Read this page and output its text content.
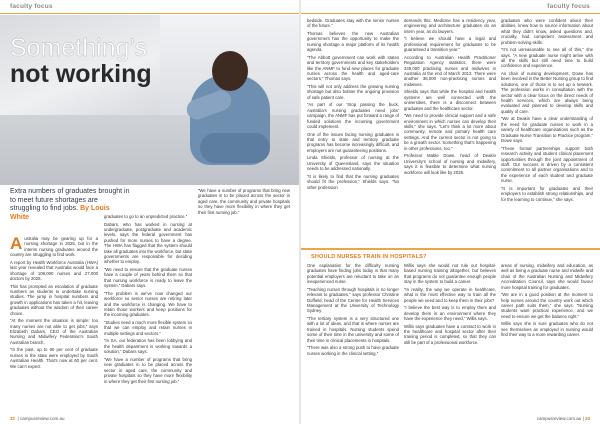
faculty focus
Something’s
not working
Extra numbers of graduates brought in to meet future shortages are struggling to find jobs. By Louis White
A ustralia may be gearing up for a nursing shortage in 2025, but in the interim nursing graduates around the country are struggling to find work.

A report by Health Workforce Australia (HWA) last year revealed that Australia would face a shortage of 109,000 nurses and 27,000 doctors by 2025.

This has prompted an escalation of graduate numbers as students to undertake nursing studies. The jump in hospital numbers and growth in applications has taken a hit, leaving graduates without the wisdom of their career choice.

“At the moment the situation is simple: too many nurses are not able to get jobs,” says Elizabeth Dabars, CEO of the Australian Nursing and Midwifery Federation’s South Australian branch.

“In the past, up to 90 per cent of graduate nurses in the state were employed by South Australian Health. That’s now at 60 per cent. We can’t expect

graduates to go to an unpredicted practice.”

Dabars, who has worked in nursing at undergraduate, postgraduate and academic levels, says the federal government has pushed for more nurses to have a degree. The HWA has flagged that the system should take all graduates into the workforce, but state governments are responsible for deciding whether to employ.

“We need to ensure that the graduate nurses have a couple of years behind them so that that nursing workforce is ready to leave the system,” Dabars says.

“The problem is we’ve now changed our workforce so senior nurses are retiring later and the workforce is changing. We have to retain those workers and keep positions for the incoming graduates.

“Studies need a much more flexible system so that we can employ and retain nurses in multiple settings and sectors.”

“In SA, our federation has been lobbying and the health department is working towards a solution,” Dabars says.

“We have a number of programs that bring new graduates in to be placed across the sector in aged care, the community and private hospitals so they have more flexibility in where they get their first nursing job.”

“We have a number of programs that bring new graduates in to be placed across the sector in aged care, the community and private hospitals so they have more flexibility in where they get their first nursing job.”

32  | campusreview.com.au
faculty focus

bedside. Graduates stay with the senior nurses of the future.”

Thomas believes the new Australian government has the opportunity to make the nursing shortage a major platform of its health agenda.

“The Abbott government can work with states and territory governments and key stakeholders like the ANMF to fund new places for graduate nurses across the health and aged-care sectors,” Thomas says.

“This will not only address the growing nursing shortage but also bolster the ongoing provision of safe patient care.

“As part of our ‘Stop passing the buck, Australia’s nursing graduates need jobs’ campaign, the ANMF has put forward a range of funded solutions the incoming government could implement.

One of the issues facing nursing graduates is that entry to state and territory graduate programs has become increasingly difficult, and employers are not guaranteeing positions.

Linda Shields, professor of nursing at the University of Queensland, says the situation needs to be addressed nationally.

“It is likely to find that the nursing graduates should fit the profession,” Shields says. “No other profession

demands this. Medicine has a residency year, engineering and architecture graduates do an intern year, as do lawyers.

“I believe we should have a legal and professional requirement for graduates to be guaranteed a transition year.”

According to Australian Health Practitioner Regulation Agency statistics, there were 349,000 practising nurses and midwives in Australia at the end of March 2013. There were another 38,000 non-practising nurses and midwives.

Shields says that while the hospital and health systems are well connected with the universities, there is a disconnect between graduates and the healthcare sector.

“We need to provide clinical support and a safe environment in which nurses can develop their skills,” she says. “Let’s think a lot more about community, remote and primary health care settings. And the current sector is not going to be a growth sector. Something that’s happening in other professions, too.”

Professor Mable Dowe, head of Deakin University’s school of nursing and midwifery, says it is feasible to determine what nursing workforce will look like by 2025.

graduates who were confident about their abilities, knew how to source information about what they didn’t know, asked questions and, crucially, had competent assessment and problem-solving skills.

“It’s not unreasonable to see all of this,” she says. “A new graduate nurse might arrive with all the skills but still need time to build confidence and experience.

As chair of nursing development, Dowe has been involved in the Better Nursing group to find solutions, one of those is to set up a network. The profession works in consultation with the sector with a clear focus on the direct needs of health services, which are always being evaluated and planned to develop skills and quality of care.

“We at Deakin have a clear understanding of the need for graduate nurses to work in a variety of healthcare organisations such as the Graduate Nurse Transition to Practice program,” Dowe says.

“These formal partnerships support both research activity and student clinical placement opportunities through the joint appointment of staff. Our success is driven by a consistent commitment to all partner organisations and to the experience of each student and graduate nurse.

“It is important for graduates and their employers to establish strong relationships, and for the learning to continue,” she says.

SHOULD NURSES TRAIN IN HOSPITALS?

One explanation for the difficulty nursing graduates have finding jobs today is that many potential employers are reluctant to take on an inexperienced nurse.

“Teaching nurses through hospitals is no longer relevant to graduates,” says professor Christine Duffield, head of the Centre for Health Services Management at the University of Technology Sydney.

“The tertiary system is a very structured one with a lot of ideas, and that is where nurses are trained in hospitals. Nursing students spend some of their time in the university and some of their time in clinical placements in hospitals.

“There was also a strong push to have graduate nurses working in the clinical setting.”

Willis says she would not rule out hospital-based nursing training altogether, but believes that programs do not guarantee enough people stay in the system to build a career.

“In reality, the way we operate in healthcare, what is the most effective way to train all the people we need and to keep them in their jobs?

“I believe the best way is to employ them and develop them in an environment where they have the experience they need,” Willis says.

Willis says graduates have a contract to work in the healthcare and hospital sector after their training period is completed, so that they can still be part of a professional workforce.

areas of nursing, midwifery and education, as well as being a graduate nurse and midwife and chair of the Australian Nursing and Midwifery Accreditation Council, says she would favour more hospital training for graduates.

“We are in a good position at the moment to help nurses around the country work out which career path suits them,” she says. “Nursing students want practical experience, and we need to ensure we get the balance right.”

Willis says she is sure graduates who do not see themselves as employed in nursing would find their way to a more rewarding career.

campusreview.com.au | 33
